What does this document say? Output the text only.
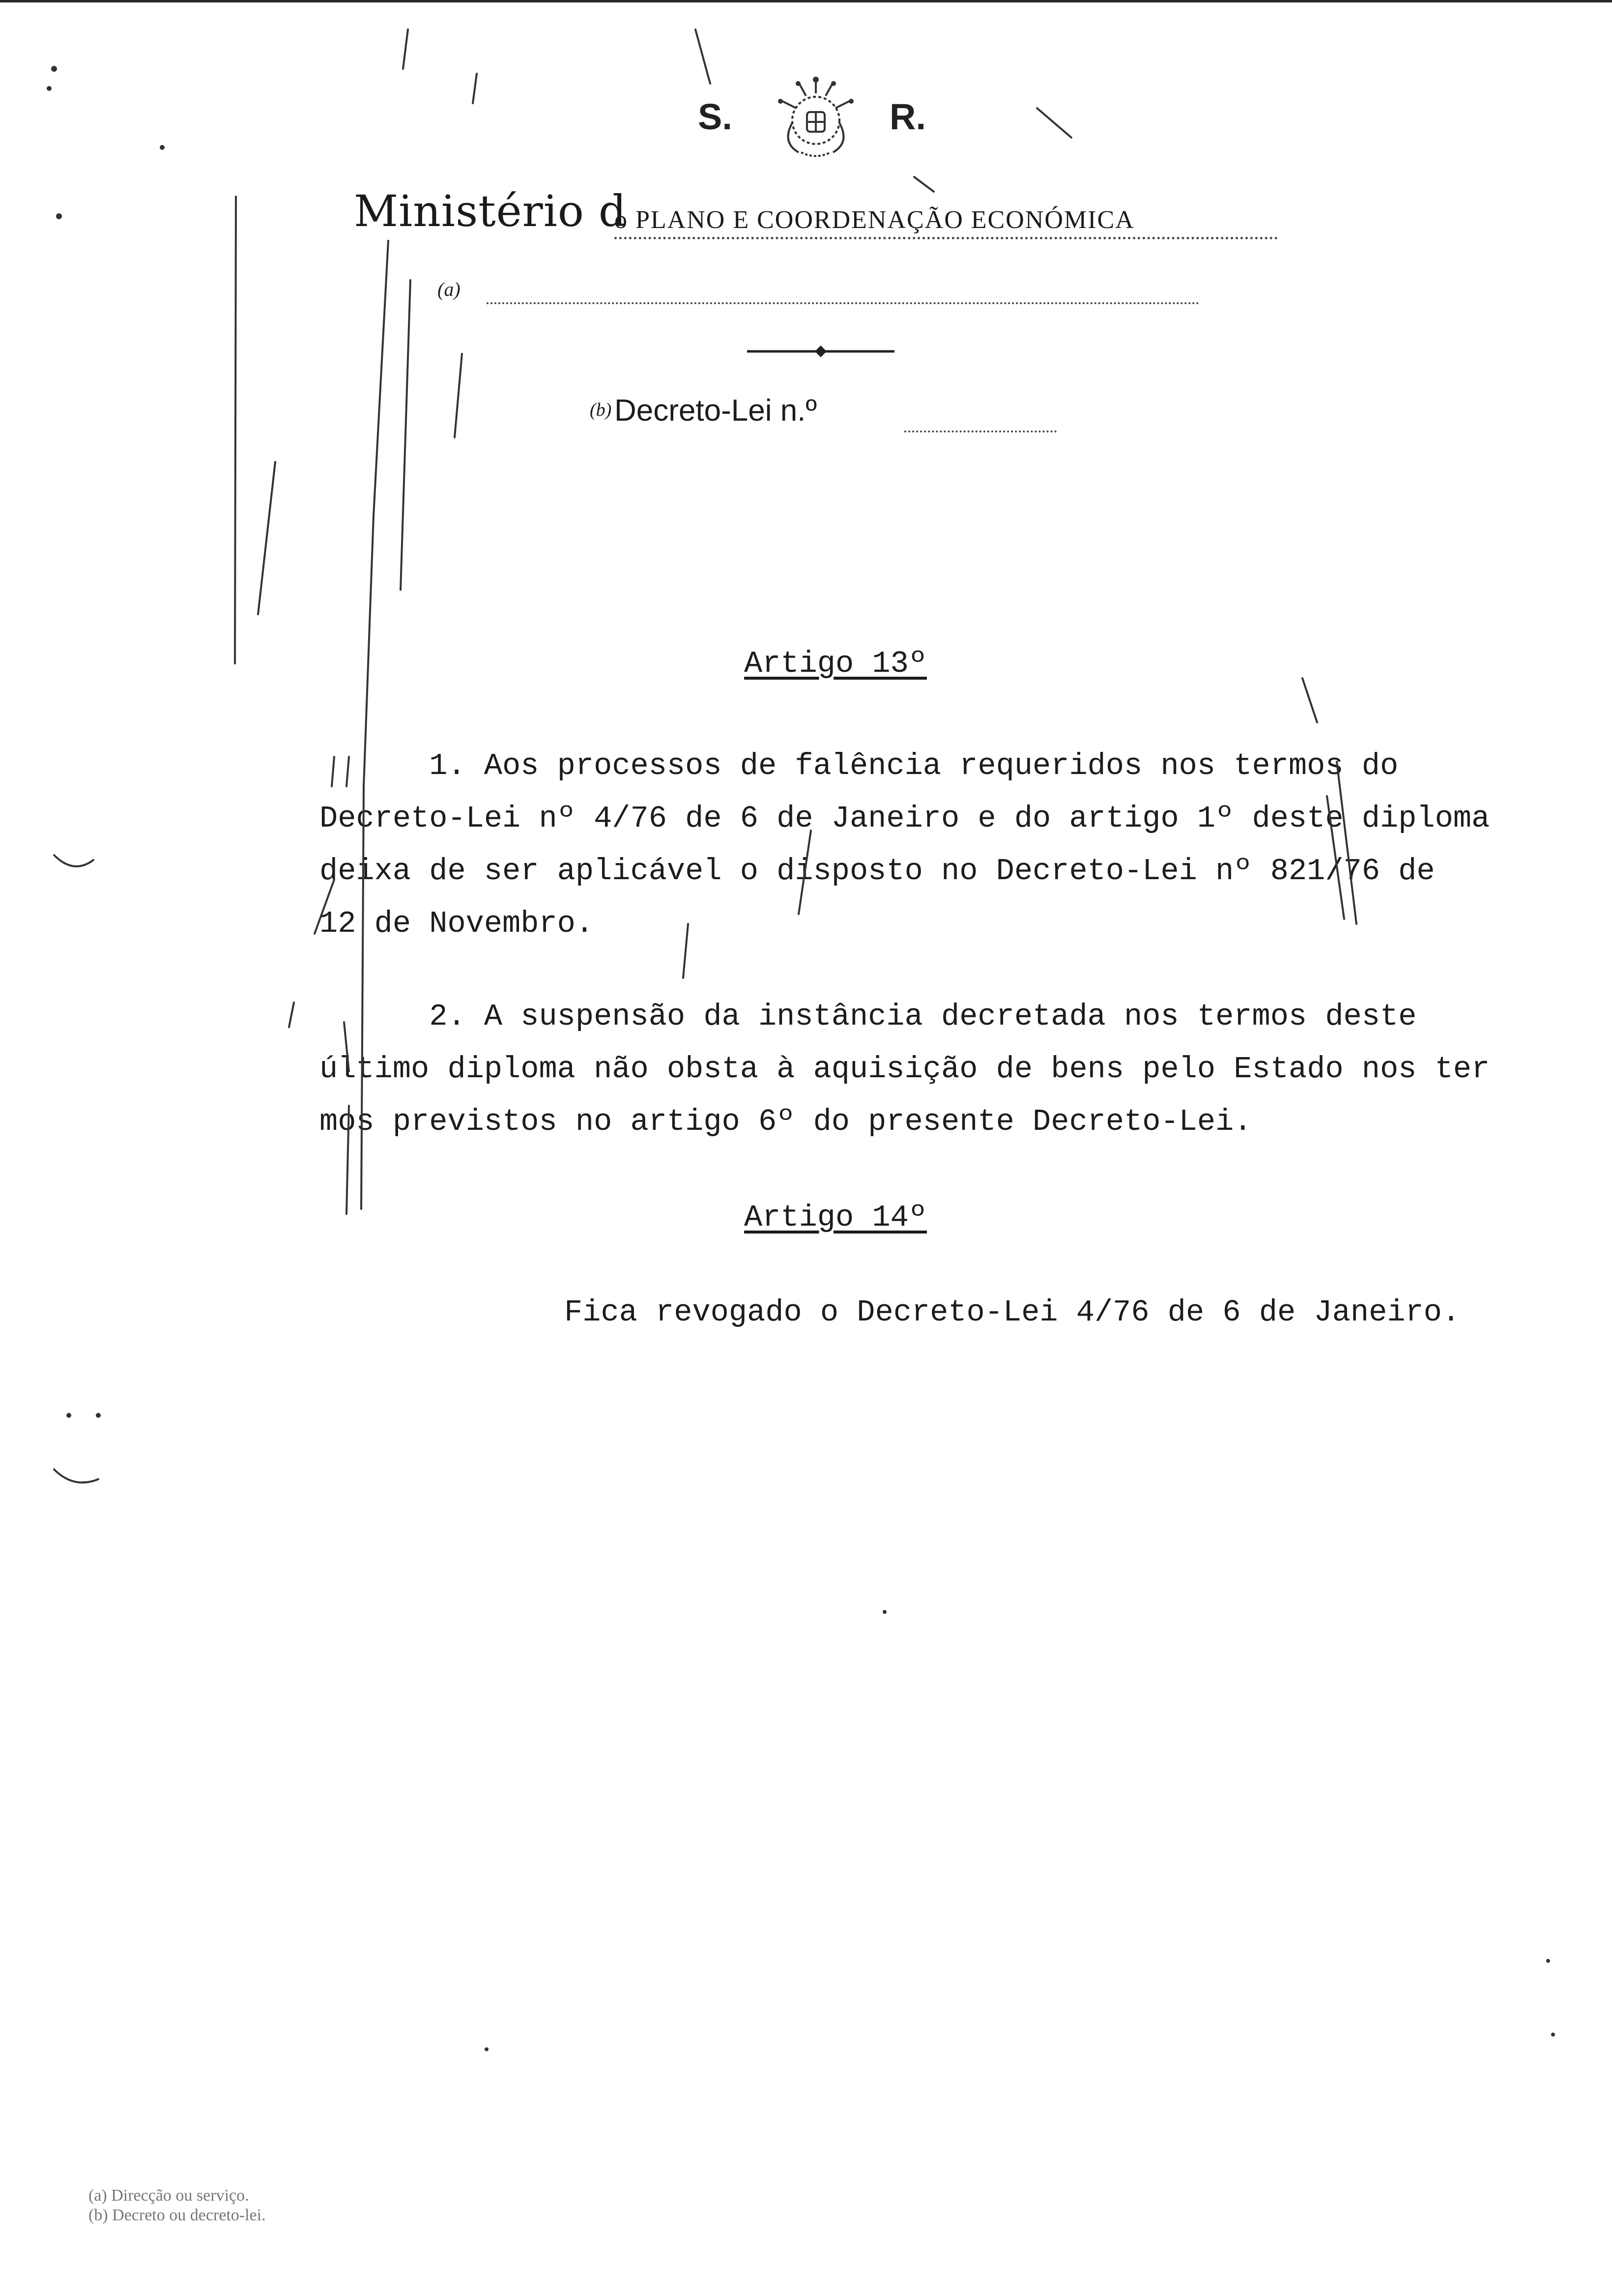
S.	R.
Ministério d
o PLANO E COORDENAÇÃO ECONÓMICA
(a)
(b) Decreto-Lei n.º
Artigo 13º
1. Aos processos de falência requeridos nos termos do
Decreto-Lei nº 4/76 de 6 de Janeiro e do artigo 1º deste diploma
deixa de ser aplicável o disposto no Decreto-Lei nº 821/76 de
12 de Novembro.
2. A suspensão da instância decretada nos termos deste
último diploma não obsta à aquisição de bens pelo Estado nos ter
mos previstos no artigo 6º do presente Decreto-Lei.
Artigo 14º
Fica revogado o Decreto-Lei 4/76 de 6 de Janeiro.
(a) Direcção ou serviço.
(b) Decreto ou decreto-lei.
